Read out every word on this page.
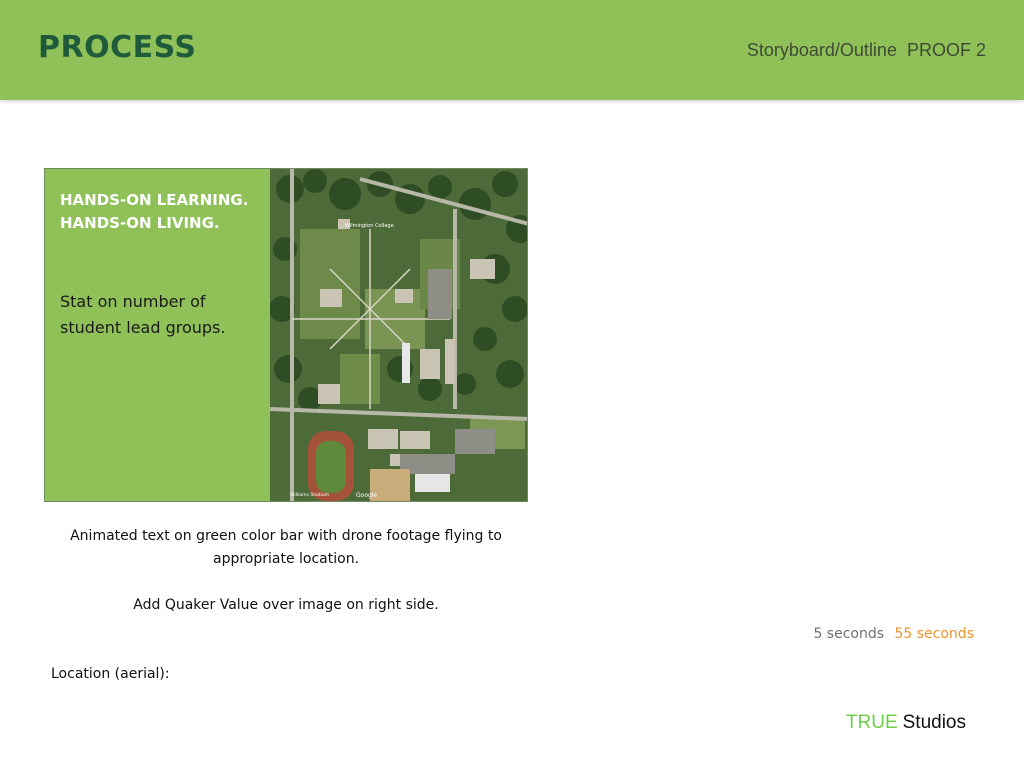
PROCESS	Storyboard/Outline PROOF 2
HANDS-ON LEARNING.
HANDS-ON LIVING.
Stat on number of
student lead groups.
Wilmington College
Williams Stadium	Google
Animated text on green color bar with drone footage flying to
appropriate location.
Add Quaker Value over image on right side.
5 seconds 55 seconds
Location (aerial):
TRUE Studios
